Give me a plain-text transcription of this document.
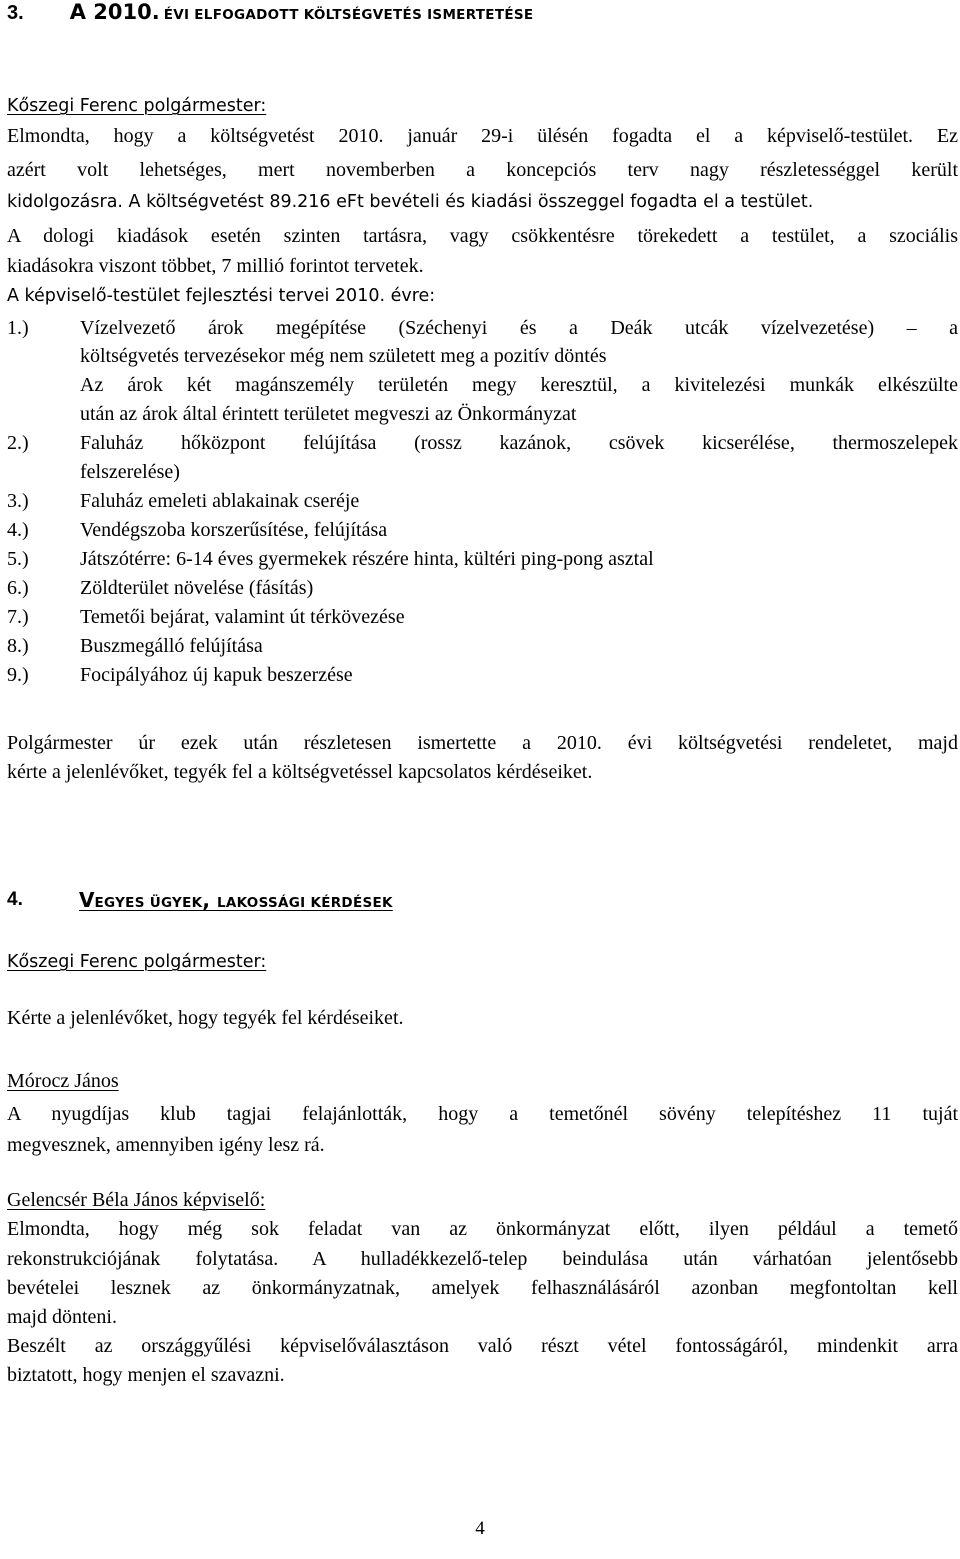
3. A 2010. ÉVI ELFOGADOTT KÖLTSÉGVETÉS ISMERTETÉSE
Kőszegi Ferenc polgármester:
Elmondta, hogy a költségvetést 2010. január 29-i ülésén fogadta el a képviselő-testület. Ez
azért volt lehetséges, mert novemberben a koncepciós terv nagy részletességgel került
kidolgozásra. A költségvetést 89.216 eFt bevételi és kiadási összeggel fogadta el a testület.
A dologi kiadások esetén szinten tartásra, vagy csökkentésre törekedett a testület, a szociális
kiadásokra viszont többet, 7 millió forintot tervetek.
A képviselő-testület fejlesztési tervei 2010. évre:
1.)	Vízelvezető árok megépítése (Széchenyi és a Deák utcák vízelvezetése) – a
költségvetés tervezésekor még nem született meg a pozitív döntés
Az árok két magánszemély területén megy keresztül, a kivitelezési munkák elkészülte
után az árok által érintett területet megveszi az Önkormányzat
2.)	Faluház hőközpont felújítása (rossz kazánok, csövek kicserélése, thermoszelepek
felszerelése)
3.)	Faluház emeleti ablakainak cseréje
4.)	Vendégszoba korszerűsítése, felújítása
5.)	Játszótérre: 6-14 éves gyermekek részére hinta, kültéri ping-pong asztal
6.)	Zöldterület növelése (fásítás)
7.)	Temetői bejárat, valamint út térkövezése
8.)	Buszmegálló felújítása
9.)	Focipályához új kapuk beszerzése
Polgármester úr ezek után részletesen ismertette a 2010. évi költségvetési rendeletet, majd
kérte a jelenlévőket, tegyék fel a költségvetéssel kapcsolatos kérdéseiket.
4.	VEGYES ÜGYEK, LAKOSSÁGI KÉRDÉSEK
Kőszegi Ferenc polgármester:
Kérte a jelenlévőket, hogy tegyék fel kérdéseiket.
Mórocz János
A nyugdíjas klub tagjai felajánlották, hogy a temetőnél sövény telepítéshez 11 tuját
megvesznek, amennyiben igény lesz rá.
Gelencsér Béla János képviselő:
Elmondta, hogy még sok feladat van az önkormányzat előtt, ilyen például a temető
rekonstrukciójának folytatása. A hulladékkezelő-telep beindulása után várhatóan jelentősebb
bevételei lesznek az önkormányzatnak, amelyek felhasználásáról azonban megfontoltan kell
majd dönteni.
Beszélt az országgyűlési képviselőválasztáson való részt vétel fontosságáról, mindenkit arra
biztatott, hogy menjen el szavazni.
4
